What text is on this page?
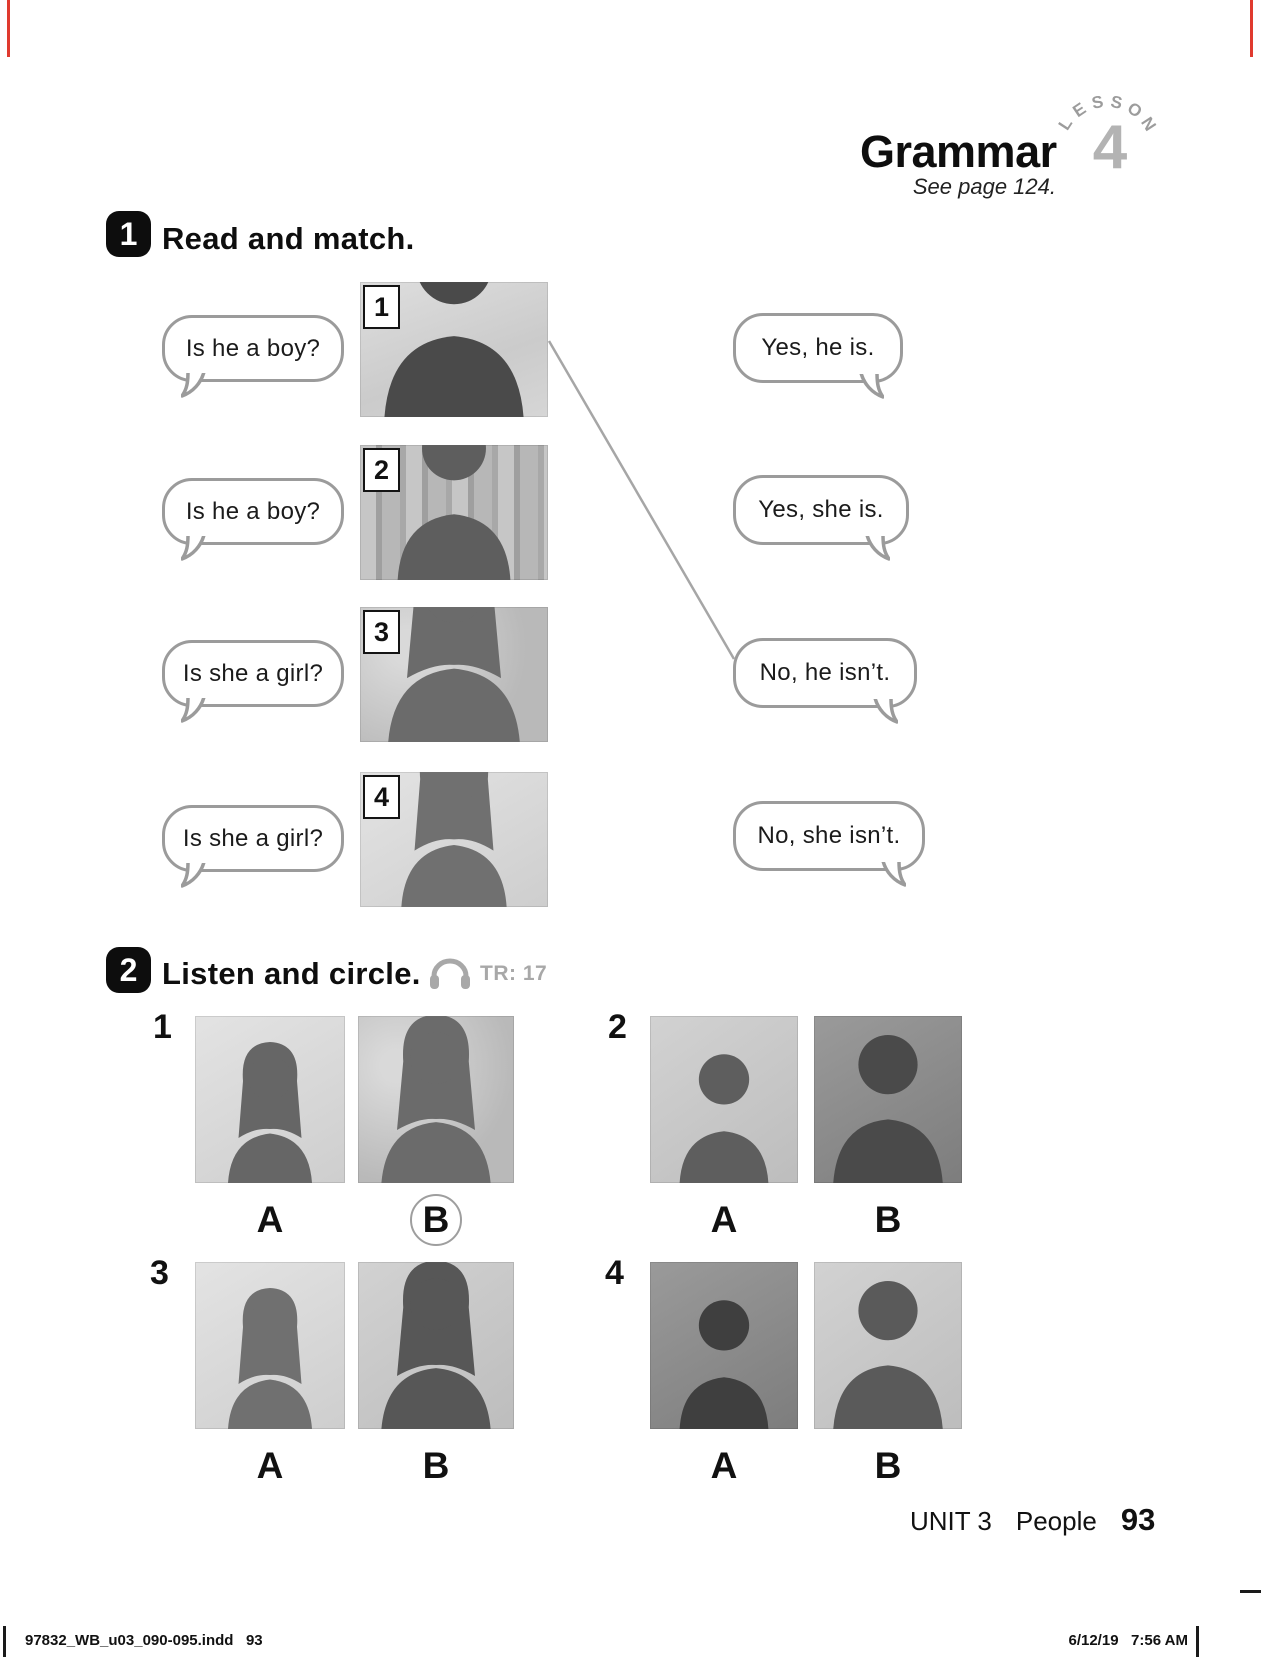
Grammar
L
E S S O
N
4
See page 124.
1 Read and match.
Is he a boy?
1
Is he a boy?
2
Is she a girl?
3
Is she a girl?
4
Yes, he is.
Yes, she is.
No, he isn’t.
No, she isn’t.
2 Listen and circle.	TR: 17
1
A	B
2
A	B
3
A	B
4
A	B
UNIT 3 People 93
97832_WB_u03_090-095.indd   93	6/12/19   7:56 AM
